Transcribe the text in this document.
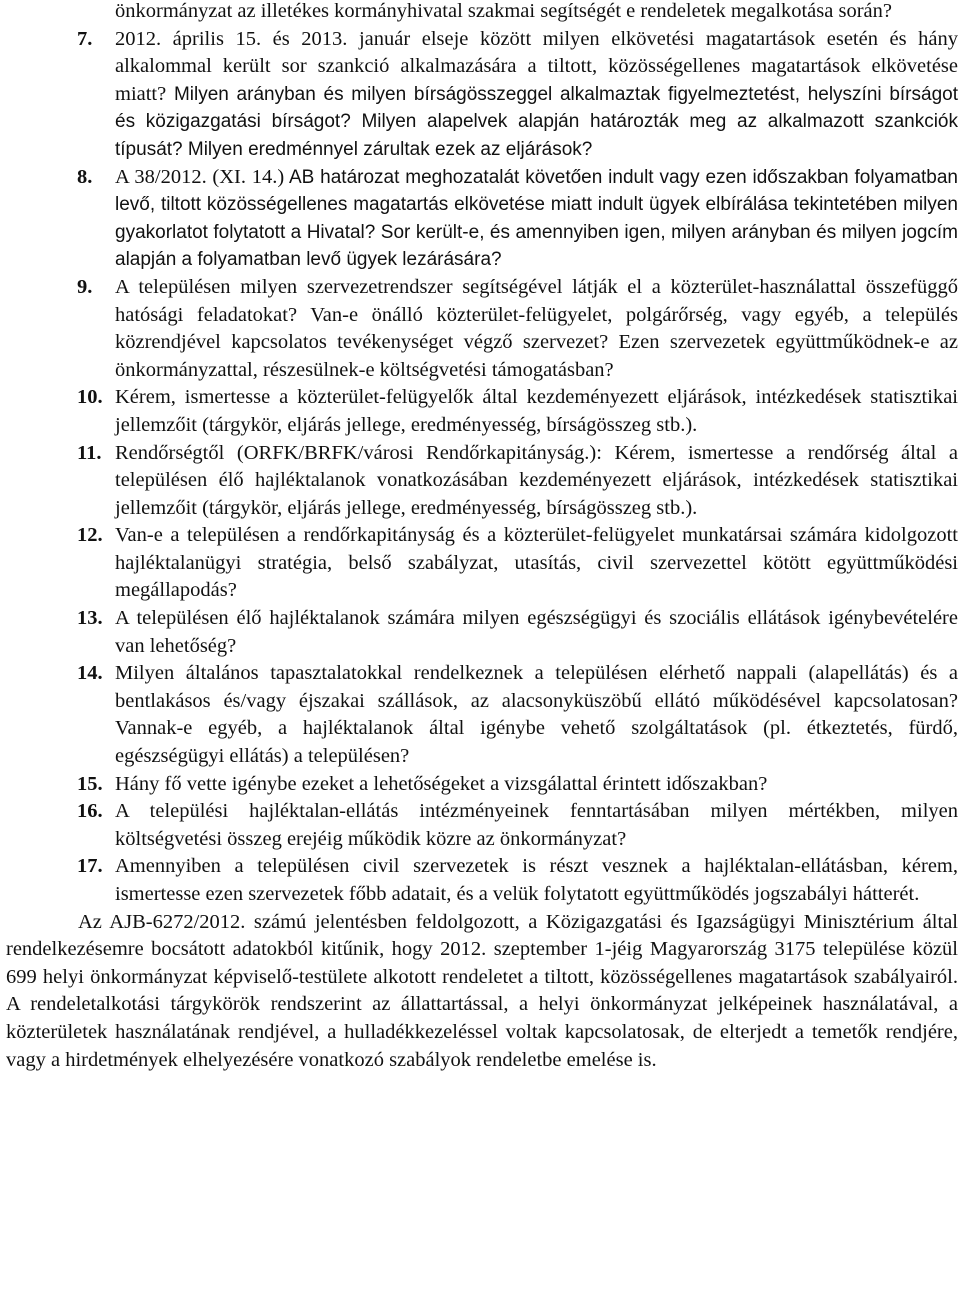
önkormányzat az illetékes kormányhivatal szakmai segítségét e rendeletek megalkotása során?

7. 2012. április 15. és 2013. január elseje között milyen elkövetési magatartások esetén és hány alkalommal került sor szankció alkalmazására a tiltott, közösségellenes magatartások elkövetése miatt? Milyen arányban és milyen bírságösszeggel alkalmaztak figyelmeztetést, helyszíni bírságot és közigazgatási bírságot? Milyen alapelvek alapján határozták meg az alkalmazott szankciók típusát? Milyen eredménnyel zárultak ezek az eljárások?

8. A 38/2012. (XI. 14.) AB határozat meghozatalát követően indult vagy ezen időszakban folyamatban levő, tiltott közösségellenes magatartás elkövetése miatt indult ügyek elbírálása tekintetében milyen gyakorlatot folytatott a Hivatal? Sor került-e, és amennyiben igen, milyen arányban és milyen jogcím alapján a folyamatban levő ügyek lezárására?

9. A településen milyen szervezetrendszer segítségével látják el a közterület-használattal összefüggő hatósági feladatokat? Van-e önálló közterület-felügyelet, polgárőrség, vagy egyéb, a település közrendjével kapcsolatos tevékenységet végző szervezet? Ezen szervezetek együttműködnek-e az önkormányzattal, részesülnek-e költségvetési támogatásban?

10. Kérem, ismertesse a közterület-felügyelők által kezdeményezett eljárások, intézkedések statisztikai jellemzőit (tárgykör, eljárás jellege, eredményesség, bírságösszeg stb.).

11. Rendőrségtől (ORFK/BRFK/városi Rendőrkapitányság.): Kérem, ismertesse a rendőrség által a településen élő hajléktalanok vonatkozásában kezdeményezett eljárások, intézkedések statisztikai jellemzőit (tárgykör, eljárás jellege, eredményesség, bírságösszeg stb.).

12. Van-e a településen a rendőrkapitányság és a közterület-felügyelet munkatársai számára kidolgozott hajléktalanügyi stratégia, belső szabályzat, utasítás, civil szervezettel kötött együttműködési megállapodás?

13. A településen élő hajléktalanok számára milyen egészségügyi és szociális ellátások igénybevételére van lehetőség?

14. Milyen általános tapasztalatokkal rendelkeznek a településen elérhető nappali (alapellátás) és a bentlakásos és/vagy éjszakai szállások, az alacsonyküszöbű ellátó működésével kapcsolatosan? Vannak-e egyéb, a hajléktalanok által igénybe vehető szolgáltatások (pl. étkeztetés, fürdő, egészségügyi ellátás) a településen?

15. Hány fő vette igénybe ezeket a lehetőségeket a vizsgálattal érintett időszakban?

16. A települési hajléktalan-ellátás intézményeinek fenntartásában milyen mértékben, milyen költségvetési összeg erejéig működik közre az önkormányzat?

17. Amennyiben a településen civil szervezetek is részt vesznek a hajléktalan-ellátásban, kérem, ismertesse ezen szervezetek főbb adatait, és a velük folytatott együttműködés jogszabályi hátterét.

Az AJB-6272/2012. számú jelentésben feldolgozott, a Közigazgatási és Igazságügyi Minisztérium által rendelkezésemre bocsátott adatokból kitűnik, hogy 2012. szeptember 1-jéig Magyarország 3175 települése közül 699 helyi önkormányzat képviselő-testülete alkotott rendeletet a tiltott, közösségellenes magatartások szabályairól. A rendeletalkotási tárgykörök rendszerint az állattartással, a helyi önkormányzat jelképeinek használatával, a közterületek használatának rendjével, a hulladékkezeléssel voltak kapcsolatosak, de elterjedt a temetők rendjére, vagy a hirdetmények elhelyezésére vonatkozó szabályok rendeletbe emelése is.
